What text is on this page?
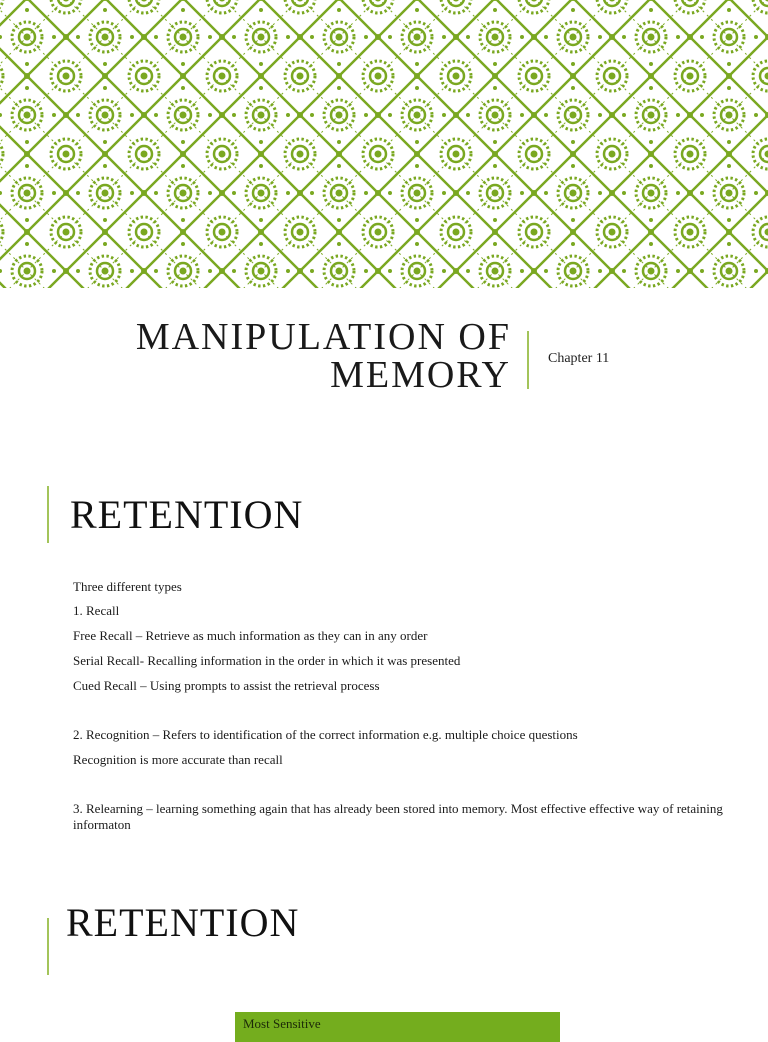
MANIPULATION OF
MEMORY	Chapter 11
RETENTION
Three different types
1. Recall
Free Recall – Retrieve as much information as they can in any order
Serial Recall- Recalling information in the order in which it was presented
Cued Recall – Using prompts to assist the retrieval process
2. Recognition – Refers to identification of the correct information e.g. multiple choice questions
Recognition is more accurate than recall
3. Relearning – learning something again that has already been stored into memory. Most effective effective way of retaining informaton
RETENTION
Most Sensitive
